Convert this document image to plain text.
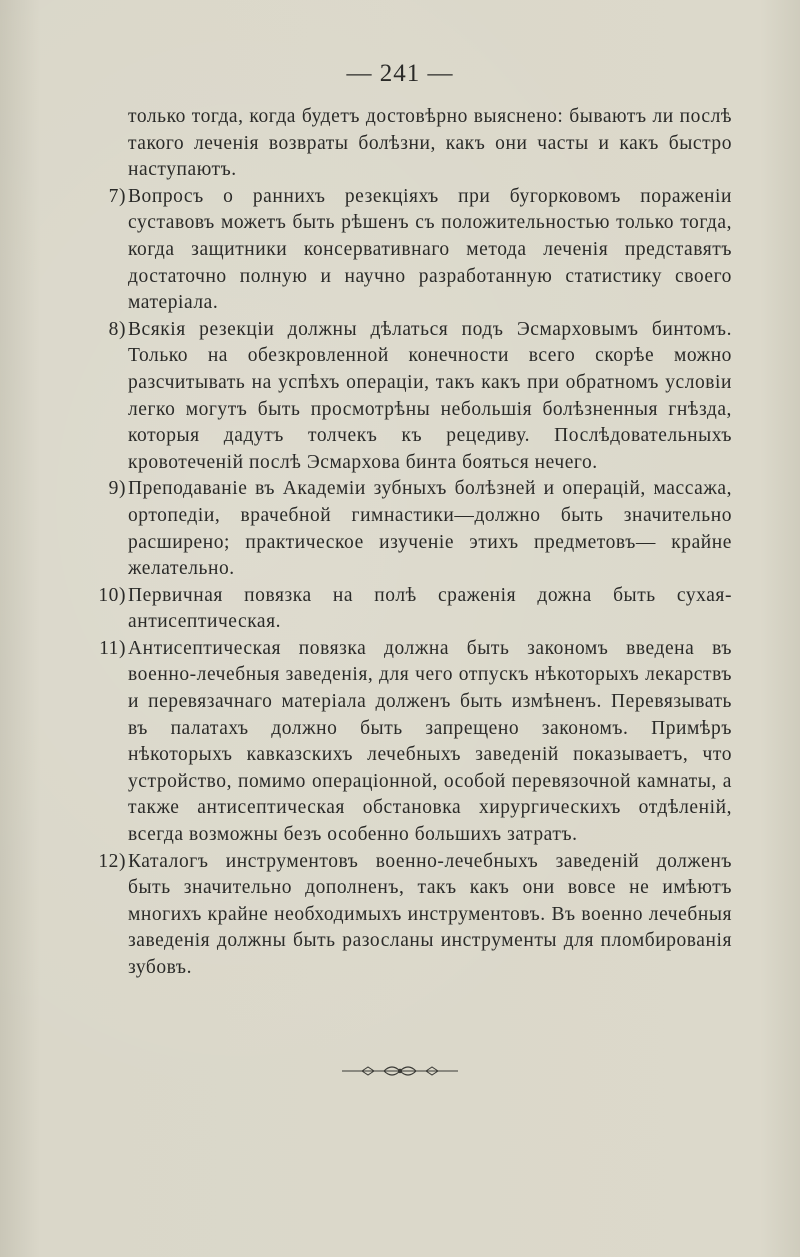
— 241 —

только тогда, когда будетъ достовѣрно выяснено: бываютъ ли послѣ такого леченія возвраты болѣзни, какъ они часты и какъ быстро наступаютъ.

7) Вопросъ о раннихъ резекціяхъ при бугорковомъ пораженіи суставовъ можетъ быть рѣшенъ съ положительностью только тогда, когда защитники консервативнаго метода леченія представятъ достаточно полную и научно разработанную статистику своего матеріала.

8) Всякія резекціи должны дѣлаться подъ Эсмарховымъ бинтомъ. Только на обезкровленной конечности всего скорѣе можно разсчитывать на успѣхъ операціи, такъ какъ при обратномъ условіи легко могутъ быть просмотрѣны небольшія болѣзненныя гнѣзда, которыя дадутъ толчекъ къ рецедиву. Послѣдовательныхъ кровотеченій послѣ Эсмархова бинта бояться нечего.

9) Преподаваніе въ Академіи зубныхъ болѣзней и операцій, массажа, ортопедіи, врачебной гимнастики—должно быть значительно расширено; практическое изученіе этихъ предметовъ— крайне желательно.

10) Первичная повязка на полѣ сраженія дожна быть сухая-антисептическая.

11) Антисептическая повязка должна быть закономъ введена въ военно-лечебныя заведенія, для чего отпускъ нѣкоторыхъ лекарствъ и перевязачнаго матеріала долженъ быть измѣненъ. Перевязывать въ палатахъ должно быть запрещено закономъ. Примѣръ нѣкоторыхъ кавказскихъ лечебныхъ заведеній показываетъ, что устройство, помимо операціонной, особой перевязочной камнаты, а также антисептическая обстановка хирургическихъ отдѣленій, всегда возможны безъ особенно большихъ затратъ.

12) Каталогъ инструментовъ военно-лечебныхъ заведеній долженъ быть значительно дополненъ, такъ какъ они вовсе не имѣютъ многихъ крайне необходимыхъ инструментовъ. Въ военно лечебныя заведенія должны быть разосланы инструменты для пломбированія зубовъ.
